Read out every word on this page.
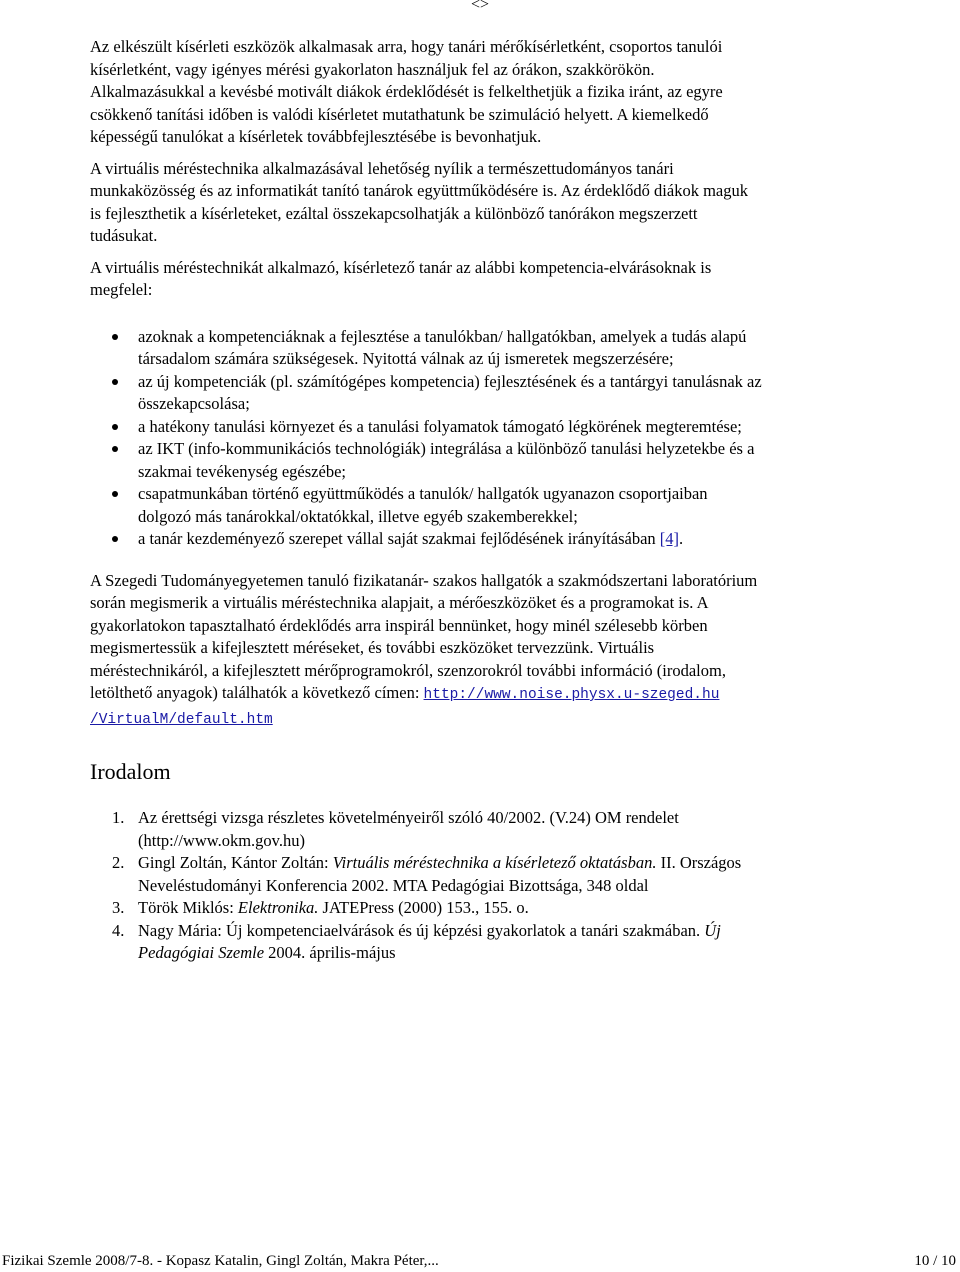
<>

Az elkészült kísérleti eszközök alkalmasak arra, hogy tanári mérőkísérletként, csoportos tanulói
kísérletként, vagy igényes mérési gyakorlaton használjuk fel az órákon, szakkörökön.
Alkalmazásukkal a kevésbé motivált diákok érdeklődését is felkelthetjük a fizika iránt, az egyre
csökkenő tanítási időben is valódi kísérletet mutathatunk be szimuláció helyett. A kiemelkedő
képességű tanulókat a kísérletek továbbfejlesztésébe is bevonhatjuk.

A virtuális méréstechnika alkalmazásával lehetőség nyílik a természettudományos tanári
munkaközösség és az informatikát tanító tanárok együttműködésére is. Az érdeklődő diákok maguk
is fejleszthetik a kísérleteket, ezáltal összekapcsolhatják a különböző tanórákon megszerzett
tudásukat.

A virtuális méréstechnikát alkalmazó, kísérletező tanár az alábbi kompetencia-elvárásoknak is
megfelel:

azoknak a kompetenciáknak a fejlesztése a tanulókban/ hallgatókban, amelyek a tudás alapú
társadalom számára szükségesek. Nyitottá válnak az új ismeretek megszerzésére;
az új kompetenciák (pl. számítógépes kompetencia) fejlesztésének és a tantárgyi tanulásnak az
összekapcsolása;
a hatékony tanulási környezet és a tanulási folyamatok támogató légkörének megteremtése;
az IKT (info-kommunikációs technológiák) integrálása a különböző tanulási helyzetekbe és a
szakmai tevékenység egészébe;
csapatmunkában történő együttműködés a tanulók/ hallgatók ugyanazon csoportjaiban
dolgozó más tanárokkal/oktatókkal, illetve egyéb szakemberekkel;
a tanár kezdeményező szerepet vállal saját szakmai fejlődésének irányításában [4].

A Szegedi Tudományegyetemen tanuló fizikatanár- szakos hallgatók a szakmódszertani laboratórium
során megismerik a virtuális méréstechnika alapjait, a mérőeszközöket és a programokat is. A
gyakorlatokon tapasztalható érdeklődés arra inspirál bennünket, hogy minél szélesebb körben
megismertessük a kifejlesztett méréseket, és további eszközöket tervezzünk. Virtuális
méréstechnikáról, a kifejlesztett mérőprogramokról, szenzorokról további információ (irodalom,
letölthető anyagok) találhatók a következő címen: http://www.noise.physx.u-szeged.hu
/VirtualM/default.htm

Irodalom
1. Az érettségi vizsga részletes követelményeiről szóló 40/2002. (V.24) OM rendelet
(http://www.okm.gov.hu)
2. Gingl Zoltán, Kántor Zoltán: Virtuális méréstechnika a kísérletező oktatásban. II. Országos
Neveléstudományi Konferencia 2002. MTA Pedagógiai Bizottsága, 348 oldal
3. Török Miklós: Elektronika. JATEPress (2000) 153., 155. o.
4. Nagy Mária: Új kompetenciaelvárások és új képzési gyakorlatok a tanári szakmában. Új
Pedagógiai Szemle 2004. április-május
Fizikai Szemle 2008/7-8. - Kopasz Katalin, Gingl Zoltán, Makra Péter,...	10 / 10
